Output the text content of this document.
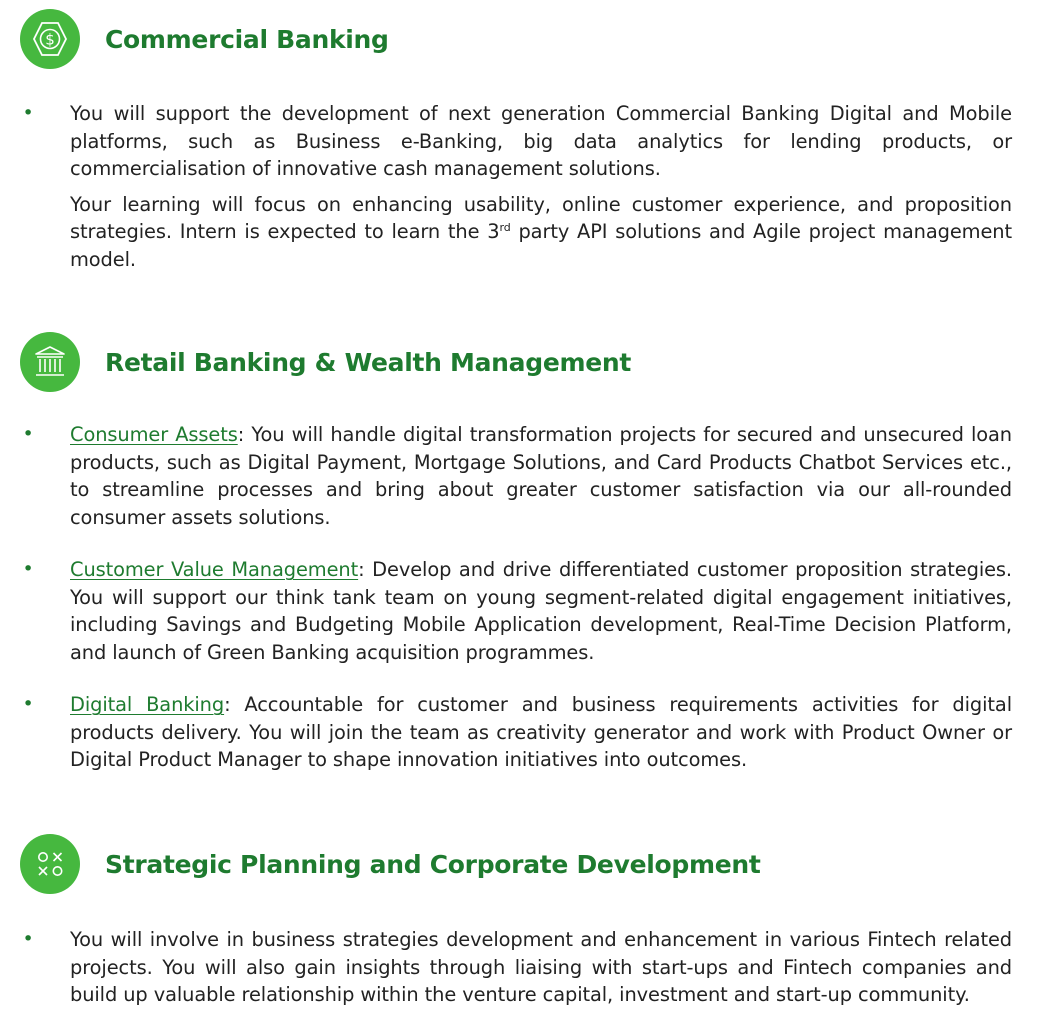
$ Commercial Banking
• You will support the development of next generation Commercial Banking Digital and Mobile platforms, such as Business e-Banking, big data analytics for lending products, or commercialisation of innovative cash management solutions.

Your learning will focus on enhancing usability, online customer experience, and proposition strategies. Intern is expected to learn the 3rd party API solutions and Agile project management model.

Retail Banking & Wealth Management
• Consumer Assets: You will handle digital transformation projects for secured and unsecured loan products, such as Digital Payment, Mortgage Solutions, and Card Products Chatbot Services etc., to streamline processes and bring about greater customer satisfaction via our all-rounded consumer assets solutions.

• Customer Value Management: Develop and drive differentiated customer proposition strategies. You will support our think tank team on young segment-related digital engagement initiatives, including Savings and Budgeting Mobile Application development, Real-Time Decision Platform, and launch of Green Banking acquisition programmes.

• Digital Banking: Accountable for customer and business requirements activities for digital products delivery. You will join the team as creativity generator and work with Product Owner or Digital Product Manager to shape innovation initiatives into outcomes.

Strategic Planning and Corporate Development
• You will involve in business strategies development and enhancement in various Fintech related projects. You will also gain insights through liaising with start-ups and Fintech companies and build up valuable relationship within the venture capital, investment and start-up community.
